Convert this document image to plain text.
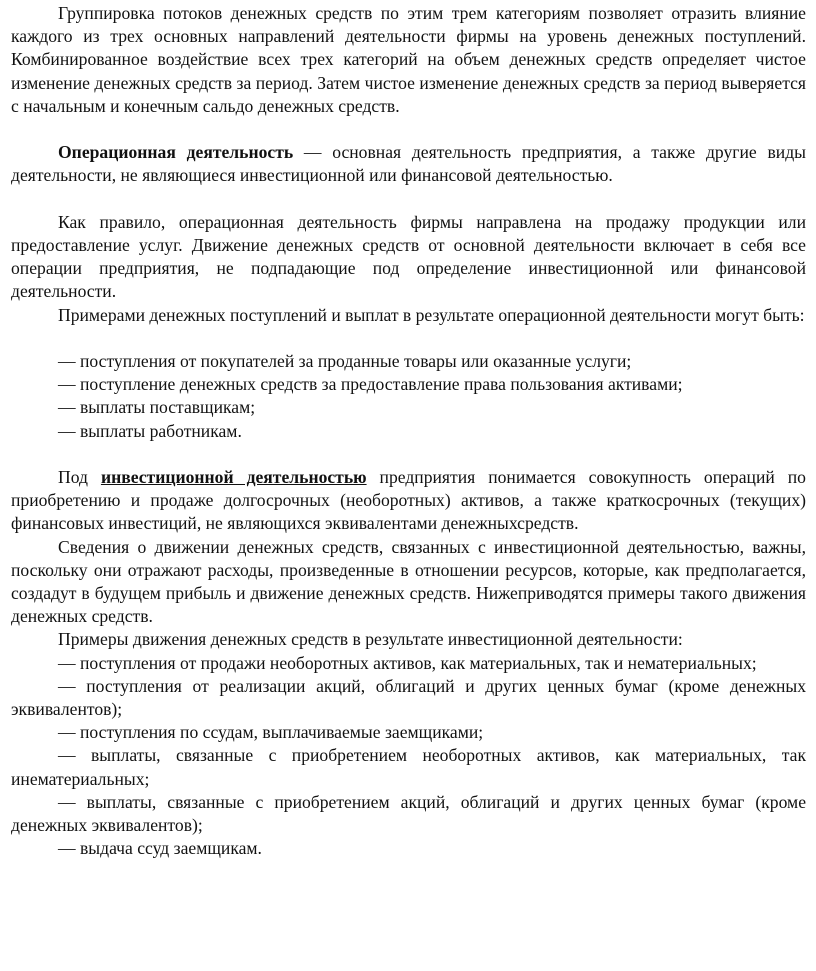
Группировка потоков денежных средств по этим трем категориям позволяет отразить влияние каждого из трех основных направлений деятельности фирмы на уровень денежных поступлений. Комбинированное воздействие всех трех категорий на объем денежных средств определяет чистое изменение денежных средств за период. Затем чистое изменение денежных средств за период выверяется с начальным и конечным сальдо денежных средств.

Операционная деятельность — основная деятельность предприятия, а также другие виды деятельности, не являющиеся инвестиционной или финансовой деятельностью.

Как правило, операционная деятельность фирмы направлена на продажу продукции или предоставление услуг. Движение денежных средств от основной деятельности включает в себя все операции предприятия, не подпадающие под определение инвестиционной или финансовой деятельности.

Примерами денежных поступлений и выплат в результате операционной деятельности могут быть:

— поступления от покупателей за проданные товары или оказанные услуги;

— поступление денежных средств за предоставление права пользования активами;

— выплаты поставщикам;

— выплаты работникам.

Под инвестиционной деятельностью предприятия понимается совокупность операций по приобретению и продаже долгосрочных (необоротных) активов, а также краткосрочных (текущих) финансовых инвестиций, не являющихся эквивалентами денежныхсредств.

Сведения о движении денежных средств, связанных с инвестиционной деятельностью, важны, поскольку они отражают расходы, произведенные в отношении ресурсов, которые, как предполагается, создадут в будущем прибыль и движение денежных средств. Нижеприводятся примеры такого движения денежных средств.

Примеры движения денежных средств в результате инвестиционной деятельности:

— поступления от продажи необоротных активов, как материальных, так и нематериальных;

— поступления от реализации акций, облигаций и других ценных бумаг (кроме денежных эквивалентов);

— поступления по ссудам, выплачиваемые заемщиками;

— выплаты, связанные с приобретением необоротных активов, как материальных, так инематериальных;

— выплаты, связанные с приобретением акций, облигаций и других ценных бумаг (кроме денежных эквивалентов);

— выдача ссуд заемщикам.
